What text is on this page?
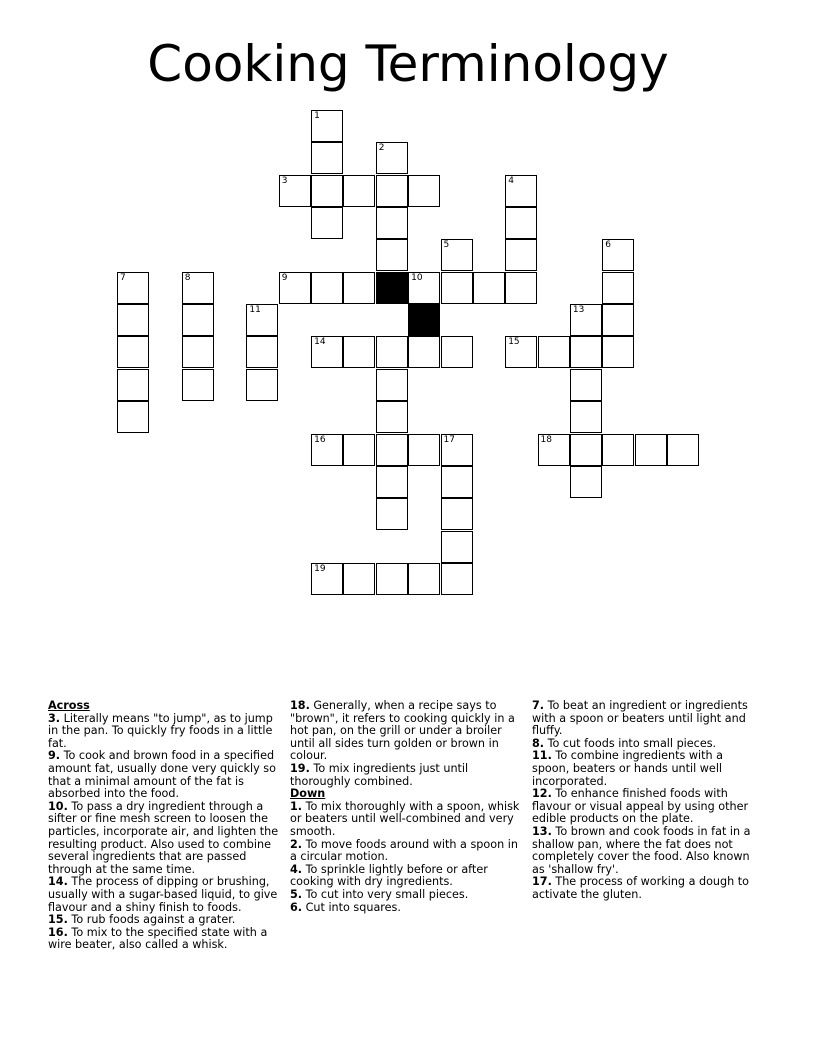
Cooking Terminology
1
2
3	4
5	6
7	8	9	10
11	13
14	15
16	17	18
19

Across

3. Literally means "to jump", as to jump in the pan. To quickly fry foods in a little fat.

9. To cook and brown food in a specified amount fat, usually done very quickly so that a minimal amount of the fat is absorbed into the food.

10. To pass a dry ingredient through a sifter or fine mesh screen to loosen the particles, incorporate air, and lighten the resulting product. Also used to combine several ingredients that are passed through at the same time.

14. The process of dipping or brushing, usually with a sugar-based liquid, to give flavour and a shiny finish to foods.

15. To rub foods against a grater.

16. To mix to the specified state with a wire beater, also called a whisk.

18. Generally, when a recipe says to "brown", it refers to cooking quickly in a hot pan, on the grill or under a broiler until all sides turn golden or brown in colour.

19. To mix ingredients just until thoroughly combined.

Down

1. To mix thoroughly with a spoon, whisk or beaters until well-combined and very smooth.

2. To move foods around with a spoon in a circular motion.

4. To sprinkle lightly before or after cooking with dry ingredients.

5. To cut into very small pieces.

6. Cut into squares.

7. To beat an ingredient or ingredients with a spoon or beaters until light and fluffy.

8. To cut foods into small pieces.

11. To combine ingredients with a spoon, beaters or hands until well incorporated.

12. To enhance finished foods with flavour or visual appeal by using other edible products on the plate.

13. To brown and cook foods in fat in a shallow pan, where the fat does not completely cover the food. Also known as 'shallow fry'.

17. The process of working a dough to activate the gluten.
